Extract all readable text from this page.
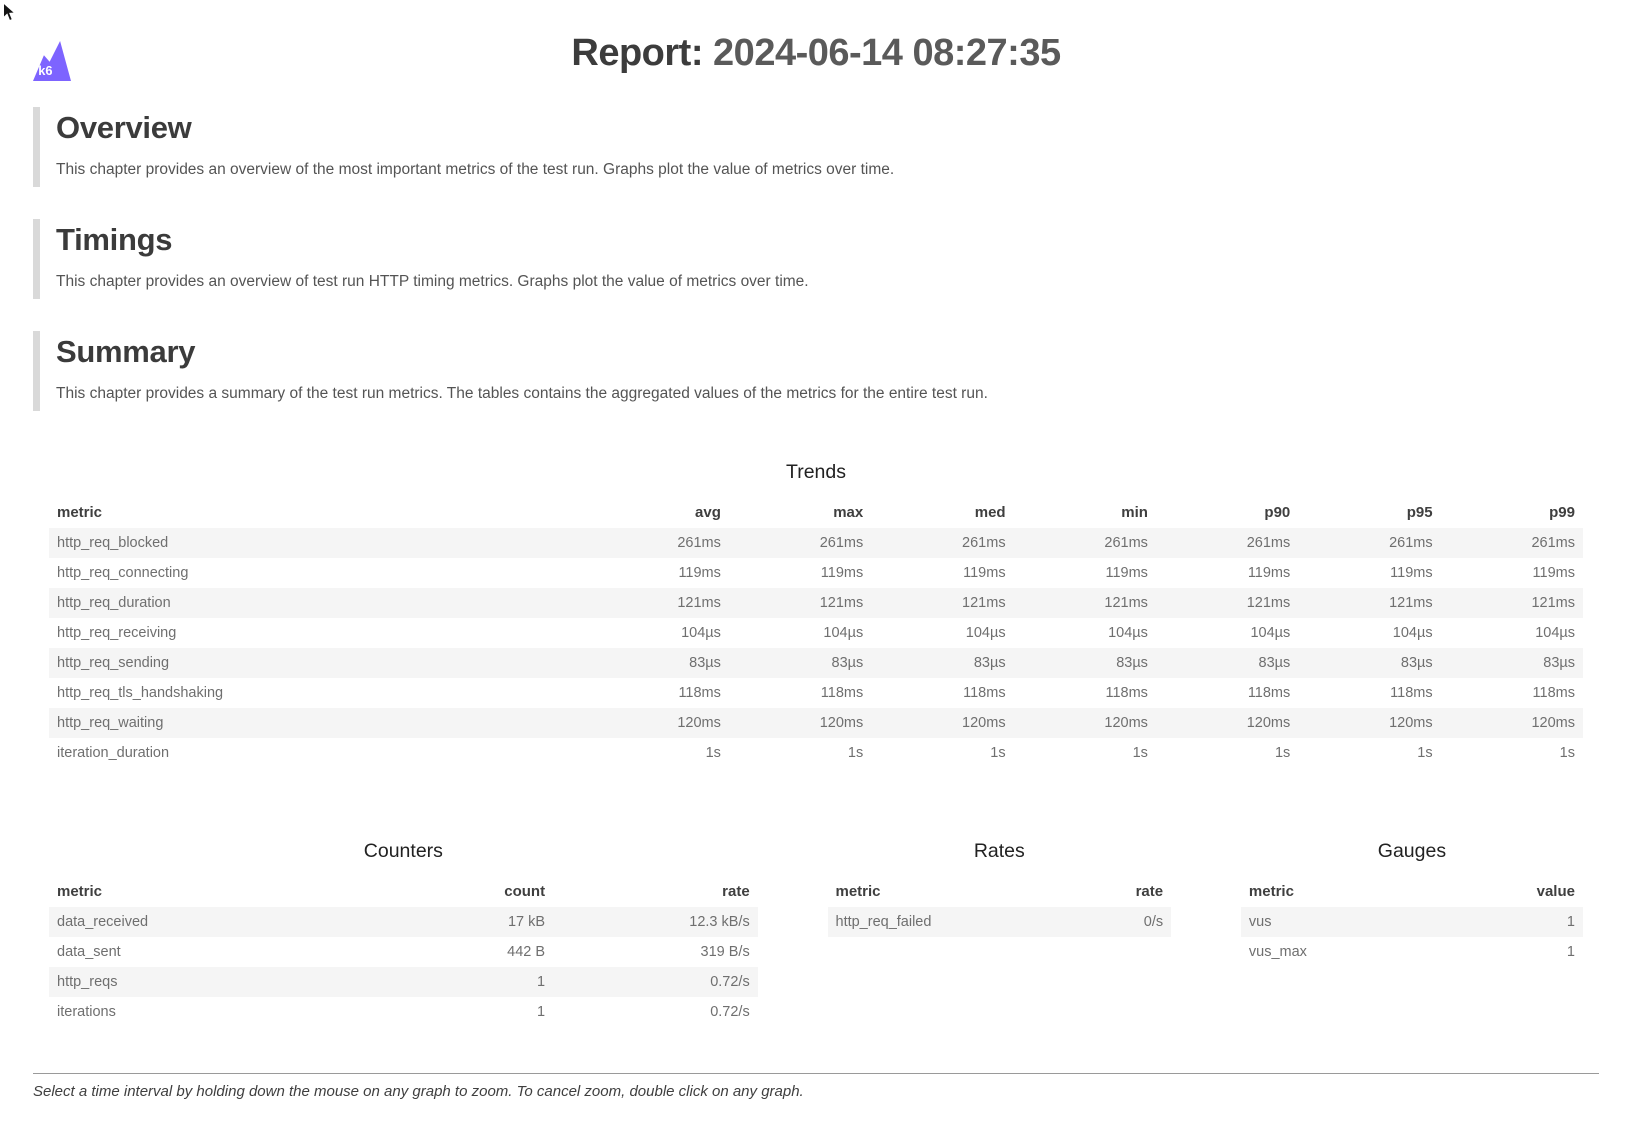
k6	Report: 2024-06-14 08:27:35
Overview

This chapter provides an overview of the most important metrics of the test run. Graphs plot the value of metrics over time.

Timings

This chapter provides an overview of test run HTTP timing metrics. Graphs plot the value of metrics over time.

Summary

This chapter provides a summary of the test run metrics. The tables contains the aggregated values of the metrics for the entire test run.

Trends
metric	avg	max	med	min	p90	p95	p99
http_req_blocked	261ms	261ms	261ms	261ms	261ms	261ms	261ms
http_req_connecting	119ms	119ms	119ms	119ms	119ms	119ms	119ms
http_req_duration	121ms	121ms	121ms	121ms	121ms	121ms	121ms
http_req_receiving	104µs	104µs	104µs	104µs	104µs	104µs	104µs
http_req_sending	83µs	83µs	83µs	83µs	83µs	83µs	83µs
http_req_tls_handshaking	118ms	118ms	118ms	118ms	118ms	118ms	118ms
http_req_waiting	120ms	120ms	120ms	120ms	120ms	120ms	120ms
iteration_duration	1s	1s	1s	1s	1s	1s	1s
Counters
metric	count	rate
data_received	17 kB	12.3 kB/s
data_sent	442 B	319 B/s
http_reqs	1	0.72/s
iterations	1	0.72/s
Rates
metric	rate
http_req_failed	0/s
Gauges
metric	value
vus	1
vus_max	1
Select a time interval by holding down the mouse on any graph to zoom. To cancel zoom, double click on any graph.
